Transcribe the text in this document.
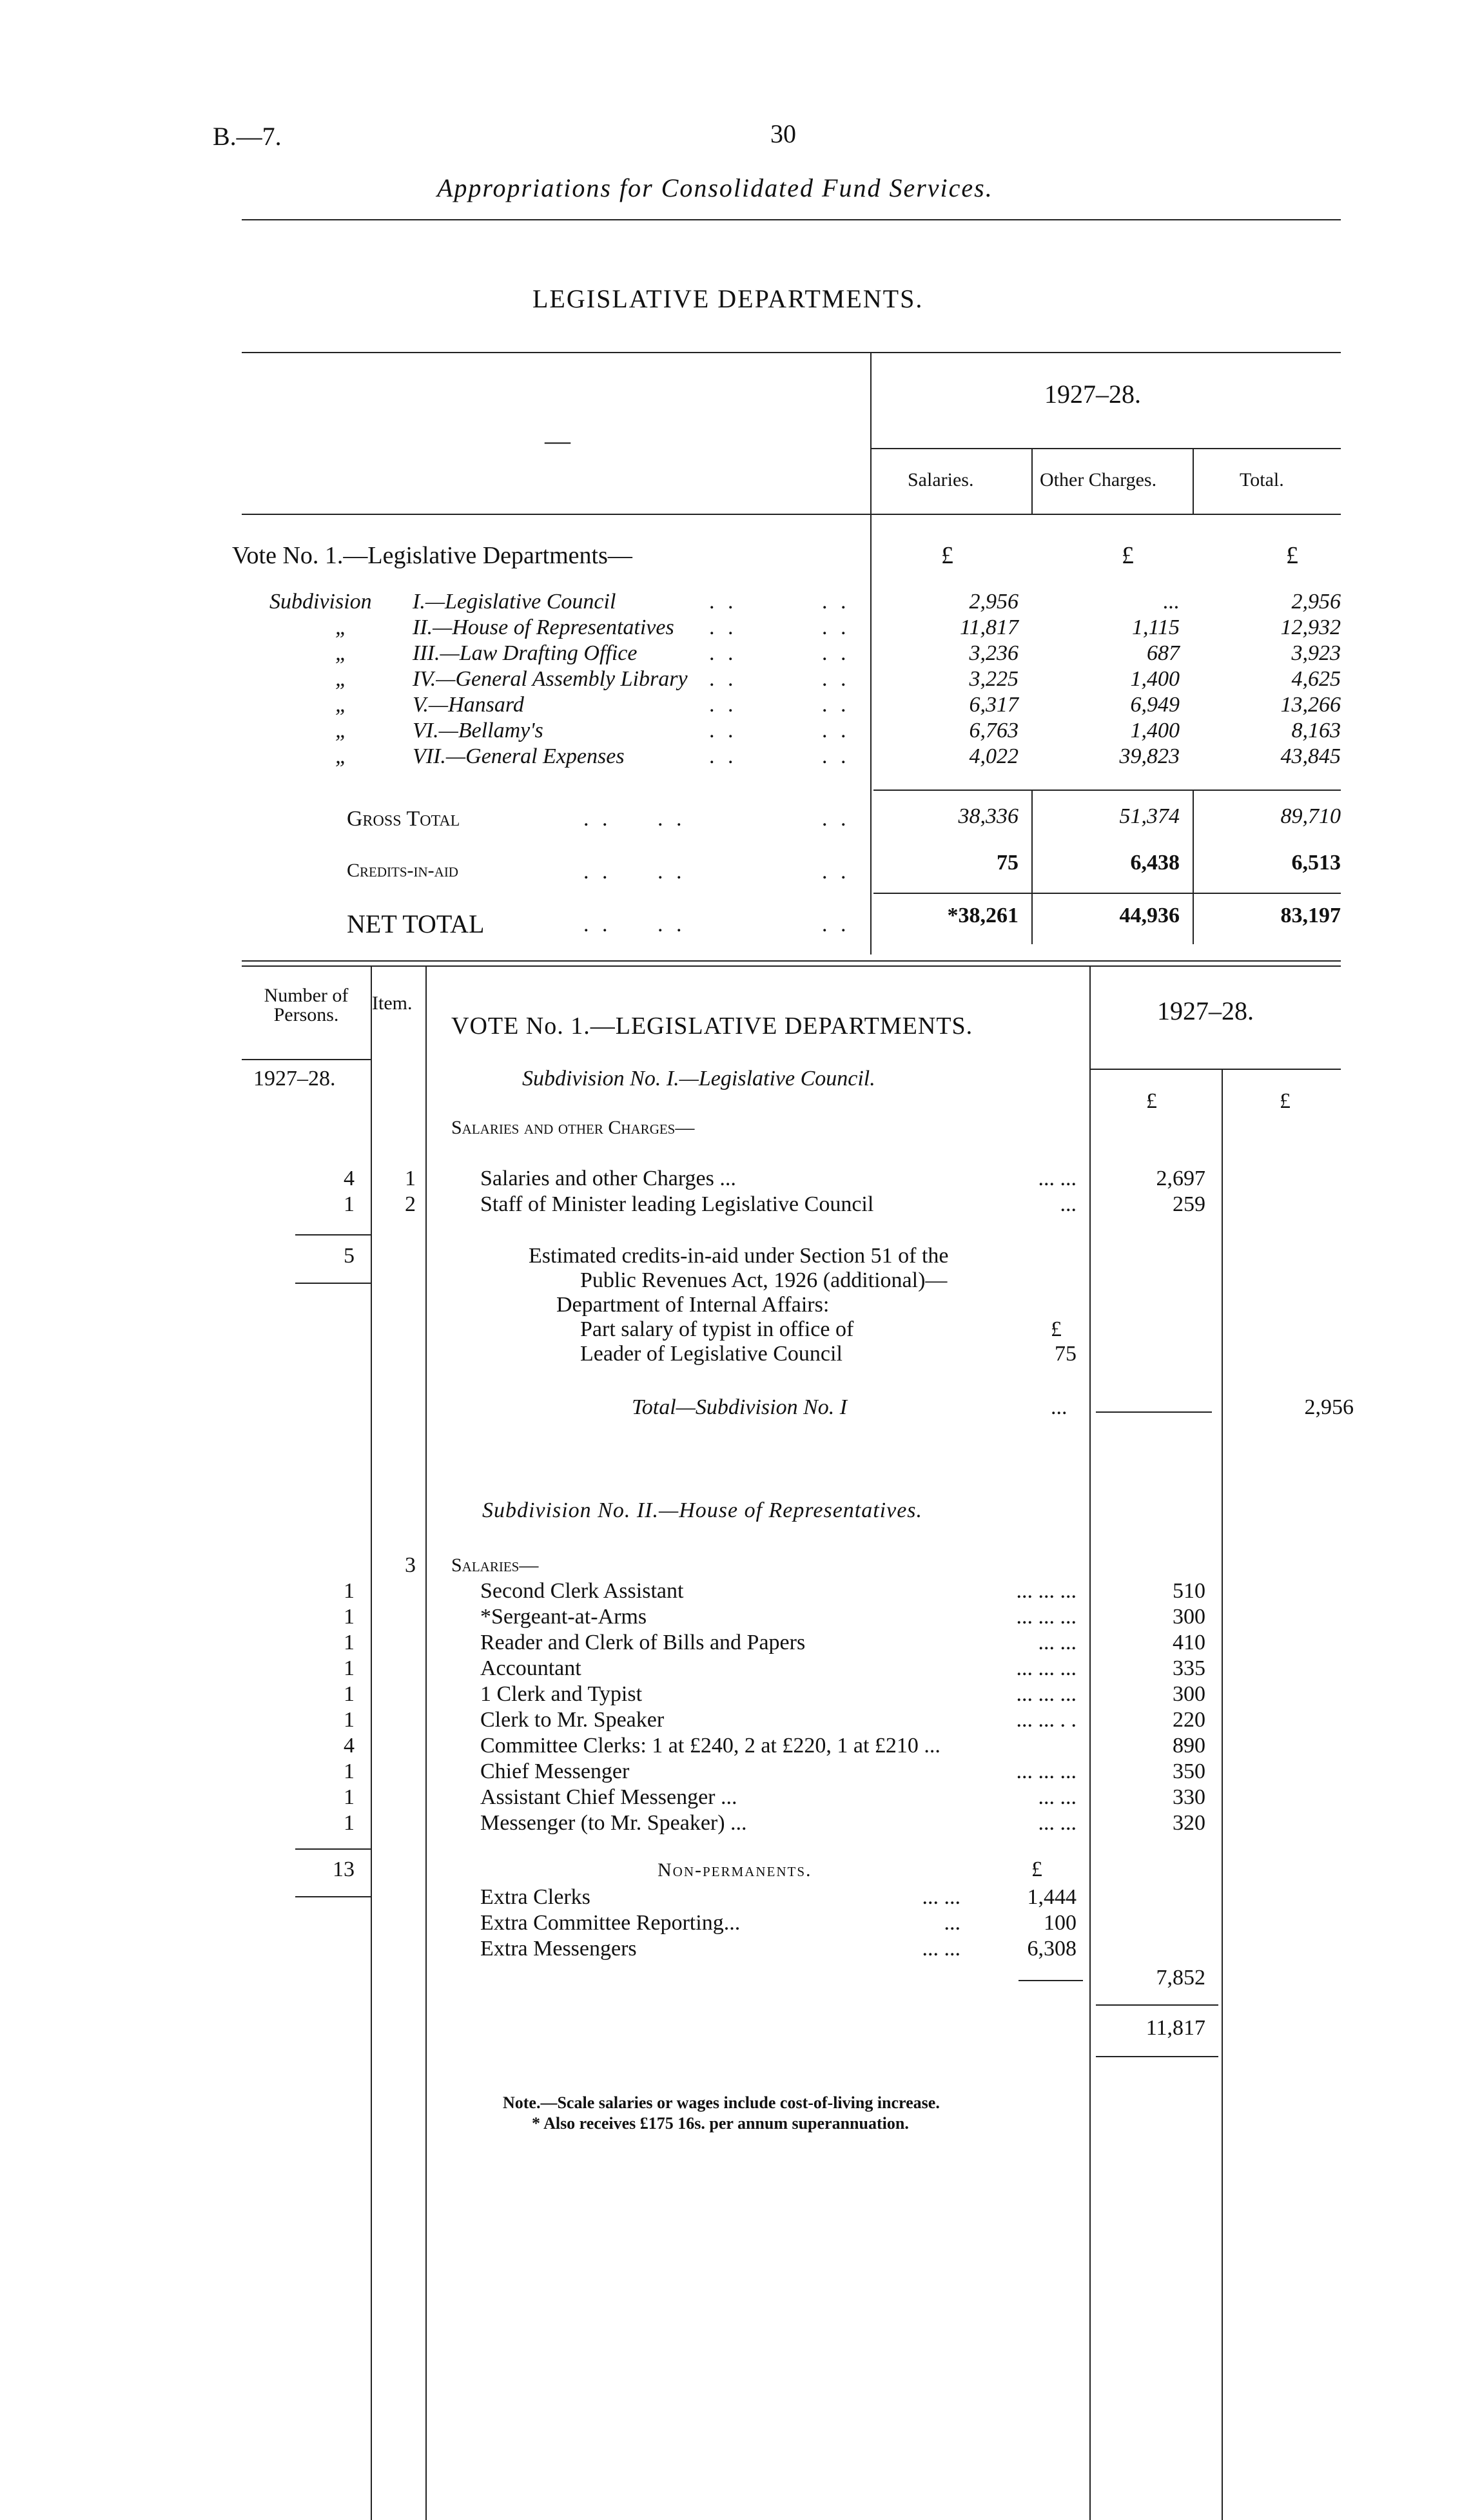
B.—7.	30
Appropriations for Consolidated Fund Services.
LEGISLATIVE DEPARTMENTS.
—
1927–28.
Salaries.	Other Charges.	Total.
Vote No. 1.—Legislative Departments—	£	£	£
Subdivision I.—Legislative Council	. .	. .	2,956	...	2,956
„	II.—House of Representatives . .	. .	11,817	1,115	12,932
„	III.—Law Drafting Office	. .	. .	3,236	687	3,923
„	IV.—General Assembly Library . .	. .	3,225	1,400	4,625
„	V.—Hansard	. .	. .	6,317	6,949	13,266
„	VI.—Bellamy's	. .	. .	6,763	1,400	8,163
„	VII.—General Expenses	. .	. .	4,022	39,823	43,845
Gross Total	. . . .	. .	38,336	51,374	89,710
Credits-in-aid	. . . .	. .	75	6,438	6,513
NET TOTAL	. . . .	. .	*38,261	44,936	83,197
Number of Persons.
Item.
VOTE No. 1.—LEGISLATIVE DEPARTMENTS.
1927–28.
1927–28.
£	£
Subdivision No. I.—Legislative Council.
Salaries and other Charges—
4	1	Salaries and other Charges ...	... ...	2,697
1	2	Staff of Minister leading Legislative Council	...	259
5	Estimated credits-in-aid under Section 51 of the
Public Revenues Act, 1926 (additional)—
Department of Internal Affairs:
Part salary of typist in office of	£
Leader of Legislative Council	75
Total—Subdivision No. I	...	2,956
Subdivision No. II.—House of Representatives.
3 Salaries—
1	Second Clerk Assistant	... ... ...	510
1	*Sergeant-at-Arms	... ... ...	300
1	Reader and Clerk of Bills and Papers	... ...	410
1	Accountant	... ... ...	335
1	1 Clerk and Typist	... ... ...	300
1	Clerk to Mr. Speaker	... ... . .	220
4	Committee Clerks: 1 at £240, 2 at £220, 1 at £210 ...	890
1	Chief Messenger	... ... ...	350
1	Assistant Chief Messenger ...	... ...	330
1	Messenger (to Mr. Speaker) ...	... ...	320
13	Non-permanents.	£
Extra Clerks	... ...	1,444
Extra Committee Reporting...	...	100
Extra Messengers	... ...	6,308
7,852
11,817
Note.—Scale salaries or wages include cost-of-living increase.
* Also receives £175 16s. per annum superannuation.
